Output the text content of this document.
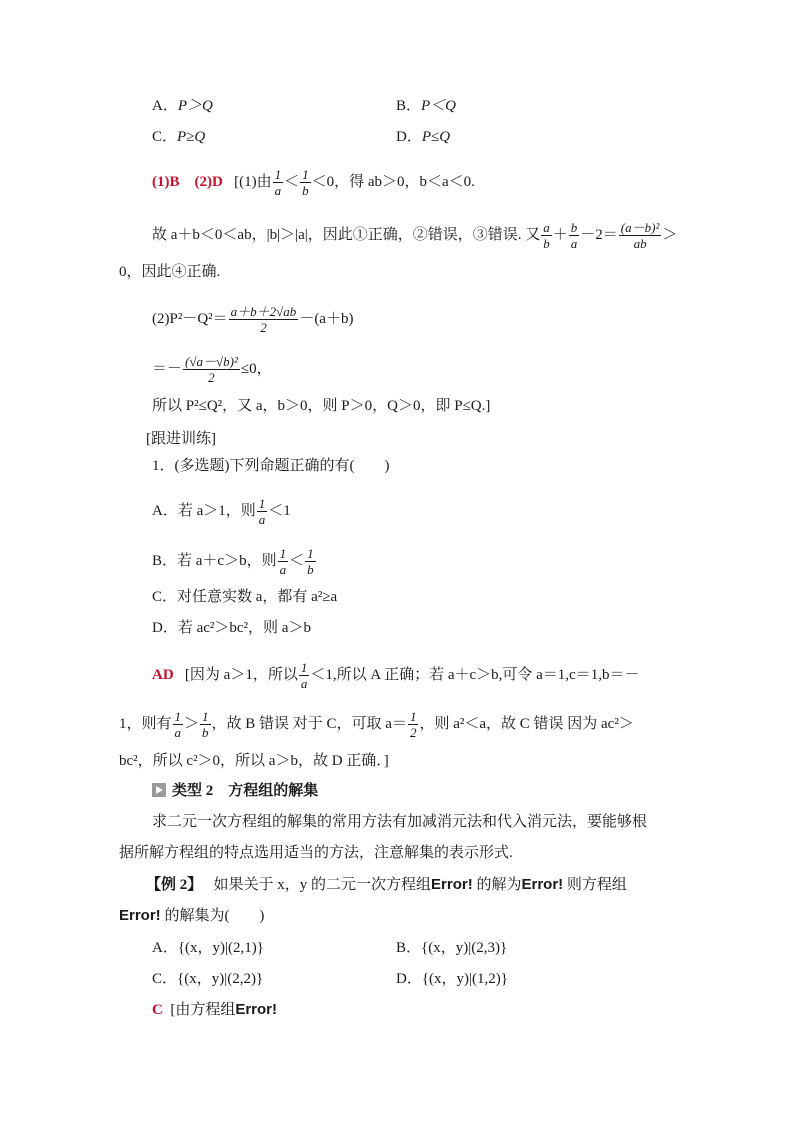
A．P＞Q	B．P＜Q
C．P≥Q	D．P≤Q
(1)B　(2)D [(1)由 $\frac{1}{a} < \frac{1}{b} <0$，得 ab＞0，b＜a＜0.
故 a＋b＜0＜ab，|b|＞|a|，因此①正确，②错误，③错误. 又 $\frac{a}{b} + \frac{b}{a} -2= \frac{\text{(a－b)²}}{ab}$ ＞
0，因此④正确.
$(2)P^2-Q^2= \frac{a+b+2√ab}{2} -(a+b)$
＝－ $\frac{\text{(√a－√b)²}}{2} \le 0$，
所以 P²≤Q²，又 a，b＞0，则 P＞0，Q＞0，即 P≤Q.]
[跟进训练]
1．(多选题)下列命题正确的有(　　)
A．若 a＞1，则 $\frac{1}{a} <1$
B．若 a＋c＞b，则 $\frac{1}{a} < \frac{1}{b}$
C．对任意实数 a，都有 a²≥a
D．若 ac²＞bc²，则 a＞b
AD [因为 a＞1，所以 $\frac{1}{a} <1$,所以 A 正确；若 a＋c＞b,可令 a＝1,c＝1,b＝－
1，则有 $\frac{1}{a} > \frac{1}{b}$ ，故 B 错误 对于 C，可取 $a= \frac{1}{2}$ ，则 a²＜a，故 C 错误 因为 ac²＞
bc²，所以 c²＞0，所以 a＞b，故 D 正确．]
类型 2　方程组的解集
求二元一次方程组的解集的常用方法有加减消元法和代入消元法，要能够根
据所解方程组的特点选用适当的方法，注意解集的表示形式.
【例 2】 如果关于 x，y 的二元一次方程组Error! 的解为Error! 则方程组
Error! 的解集为(　　)
A．{(x，y)|(2,1)}	B．{(x，y)|(2,3)}
C．{(x，y)|(2,2)}	D．{(x，y)|(1,2)}
C [由方程组Error!
